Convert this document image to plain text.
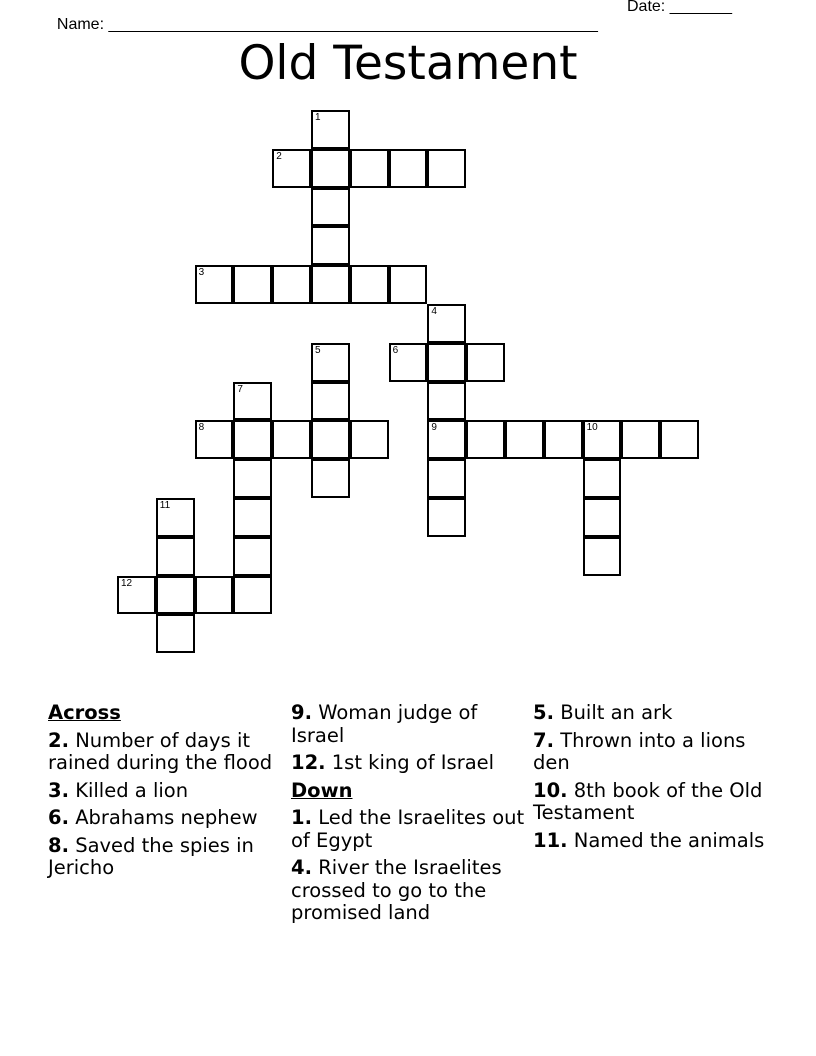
Name: _______________________________________________________

Date: _______

Old Testament
1
2
3
4
5	6
7
8	9	10
11
12
Across
2. Number of days it rained during the flood
3. Killed a lion
6. Abrahams nephew
8. Saved the spies in Jericho
9. Woman judge of Israel
12. 1st king of Israel
Down
1. Led the Israelites out of Egypt
4. River the Israelites crossed to go to the promised land
5. Built an ark
7. Thrown into a lions den
10. 8th book of the Old Testament
11. Named the animals
